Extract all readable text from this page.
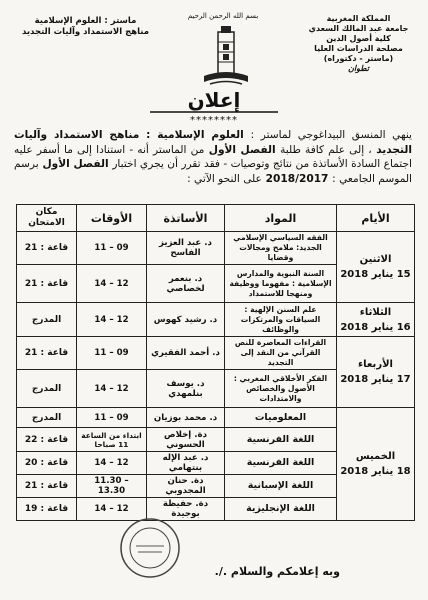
المملكة المغربية
جامعة عبد المالك السعدي
كلية أصول الدين
مصلحة الدراسات العليا
(ماستر - دكتوراه)
تطوان
ماستر : العلوم الإسلامية
مناهج الاستمداد وآليات التجديد
بسم الله الرحمن الرحيم
إعلان
********
ينهي المنسق البيداغوجي لماستر : العلوم الإسلامية : مناهج الاستمداد وآليات التجديد ، إلى علم كافة طلبة الفصل الأول من الماستر أنه - استنادا إلى ما أسفر عليه اجتماع السادة الأساتذة من نتائج وتوصيات - فقد تقرر أن يجري اختبار الفصل الأول برسم الموسم الجامعي : 2018/2017 على النحو الآتي :
الأيام	المواد	الأساتذة	الأوقات	مكان الامتحان

الاثنين
15 يناير 2018	الفقه السياسي الإسلامي الجديد: ملامح ومجالات وقضايا	د. عبد العزيز الفاسح	11 – 09	قاعة : 21
	السنة النبوية والمدارس الإسلامية : مفهوما ووظيفة ومنهجا للاستمداد	د. بنعمر لخصاصي	14 – 12	قاعة : 21

الثلاثاء
16 يناير 2018	علم السنن الإلهية : السياقات والمرتكزات والوظائف	د. رشيد كهوس	14 – 12	المدرج

الأربعاء
17 يناير 2018	القراءات المعاصرة للنص القرآني من النقد إلى التجديد	د. أحمد الفقيري	11 – 09	قاعة : 21
	الفكر الأخلاقي المغربي : الأصول والخصائص والامتدادات	د. يوسف بنلمهدي	14 – 12	المدرج

الخميس
18 يناير 2018	المعلوميات	د. محمد بوزيان	11 – 09	المدرج
	اللغة الفرنسية	دة. إخلاص الحسوني	ابتداء من الساعة 11 صباحا	قاعة : 22
	اللغة الفرنسية	د. عبد الإله بنتهامي	14 – 12	قاعة : 20
	اللغة الإسبانية	دة. حنان المجدوبي	11.30 – 13.30	قاعة : 21
	اللغة الإنجليزية	دة. حفيظة بوجيدة	14 – 12	قاعة : 19
وبه إعلامكم والسلام ./.
